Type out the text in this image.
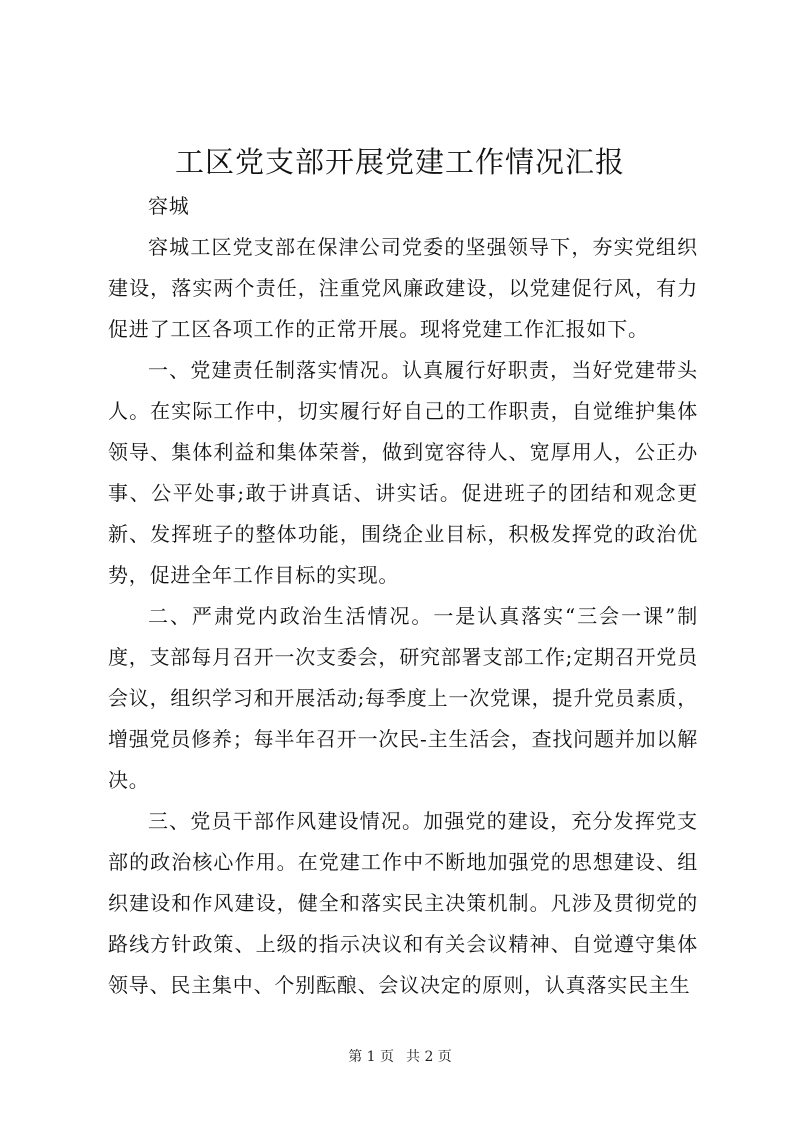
工区党支部开展党建工作情况汇报

容城

容城工区党支部在保津公司党委的坚强领导下，夯实党组织建设，落实两个责任，注重党风廉政建设，以党建促行风，有力促进了工区各项工作的正常开展。现将党建工作汇报如下。

一、党建责任制落实情况。认真履行好职责，当好党建带头人。在实际工作中，切实履行好自己的工作职责，自觉维护集体领导、集体利益和集体荣誉，做到宽容待人、宽厚用人，公正办事、公平处事;敢于讲真话、讲实话。促进班子的团结和观念更新、发挥班子的整体功能，围绕企业目标，积极发挥党的政治优势，促进全年工作目标的实现。

二、严肃党内政治生活情况。一是认真落实“三会一课”制度，支部每月召开一次支委会，研究部署支部工作;定期召开党员会议，组织学习和开展活动;每季度上一次党课，提升党员素质，增强党员修养；每半年召开一次民-主生活会，查找问题并加以解决。

三、党员干部作风建设情况。加强党的建设，充分发挥党支部的政治核心作用。在党建工作中不断地加强党的思想建设、组织建设和作风建设，健全和落实民主决策机制。凡涉及贯彻党的路线方针政策、上级的指示决议和有关会议精神、自觉遵守集体领导、民主集中、个别酝酿、会议决定的原则，认真落实民主生

第 1 页 共 2 页
